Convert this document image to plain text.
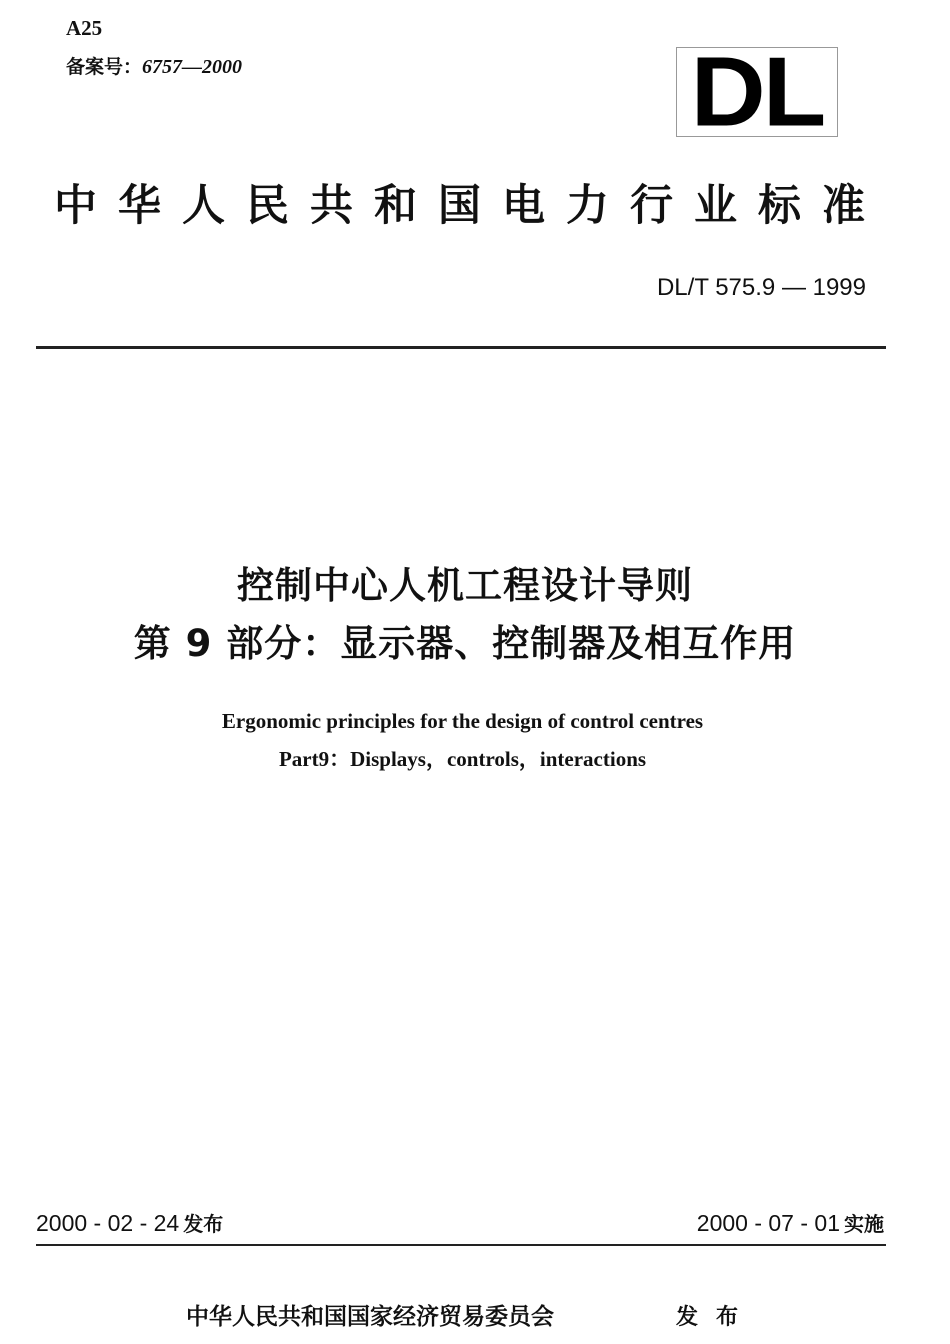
A25
备案号：6757—2000	DL
中华人民共和国电力行业标准
DL/T 575.9 — 1999
控制中心人机工程设计导则
第 9 部分：显示器、控制器及相互作用
Ergonomic principles for the design of control centres
Part9：Displays，controls，interactions
2000 - 02 - 24 发布	2000 - 07 - 01 实施
中华人民共和国国家经济贸易委员会	发布
